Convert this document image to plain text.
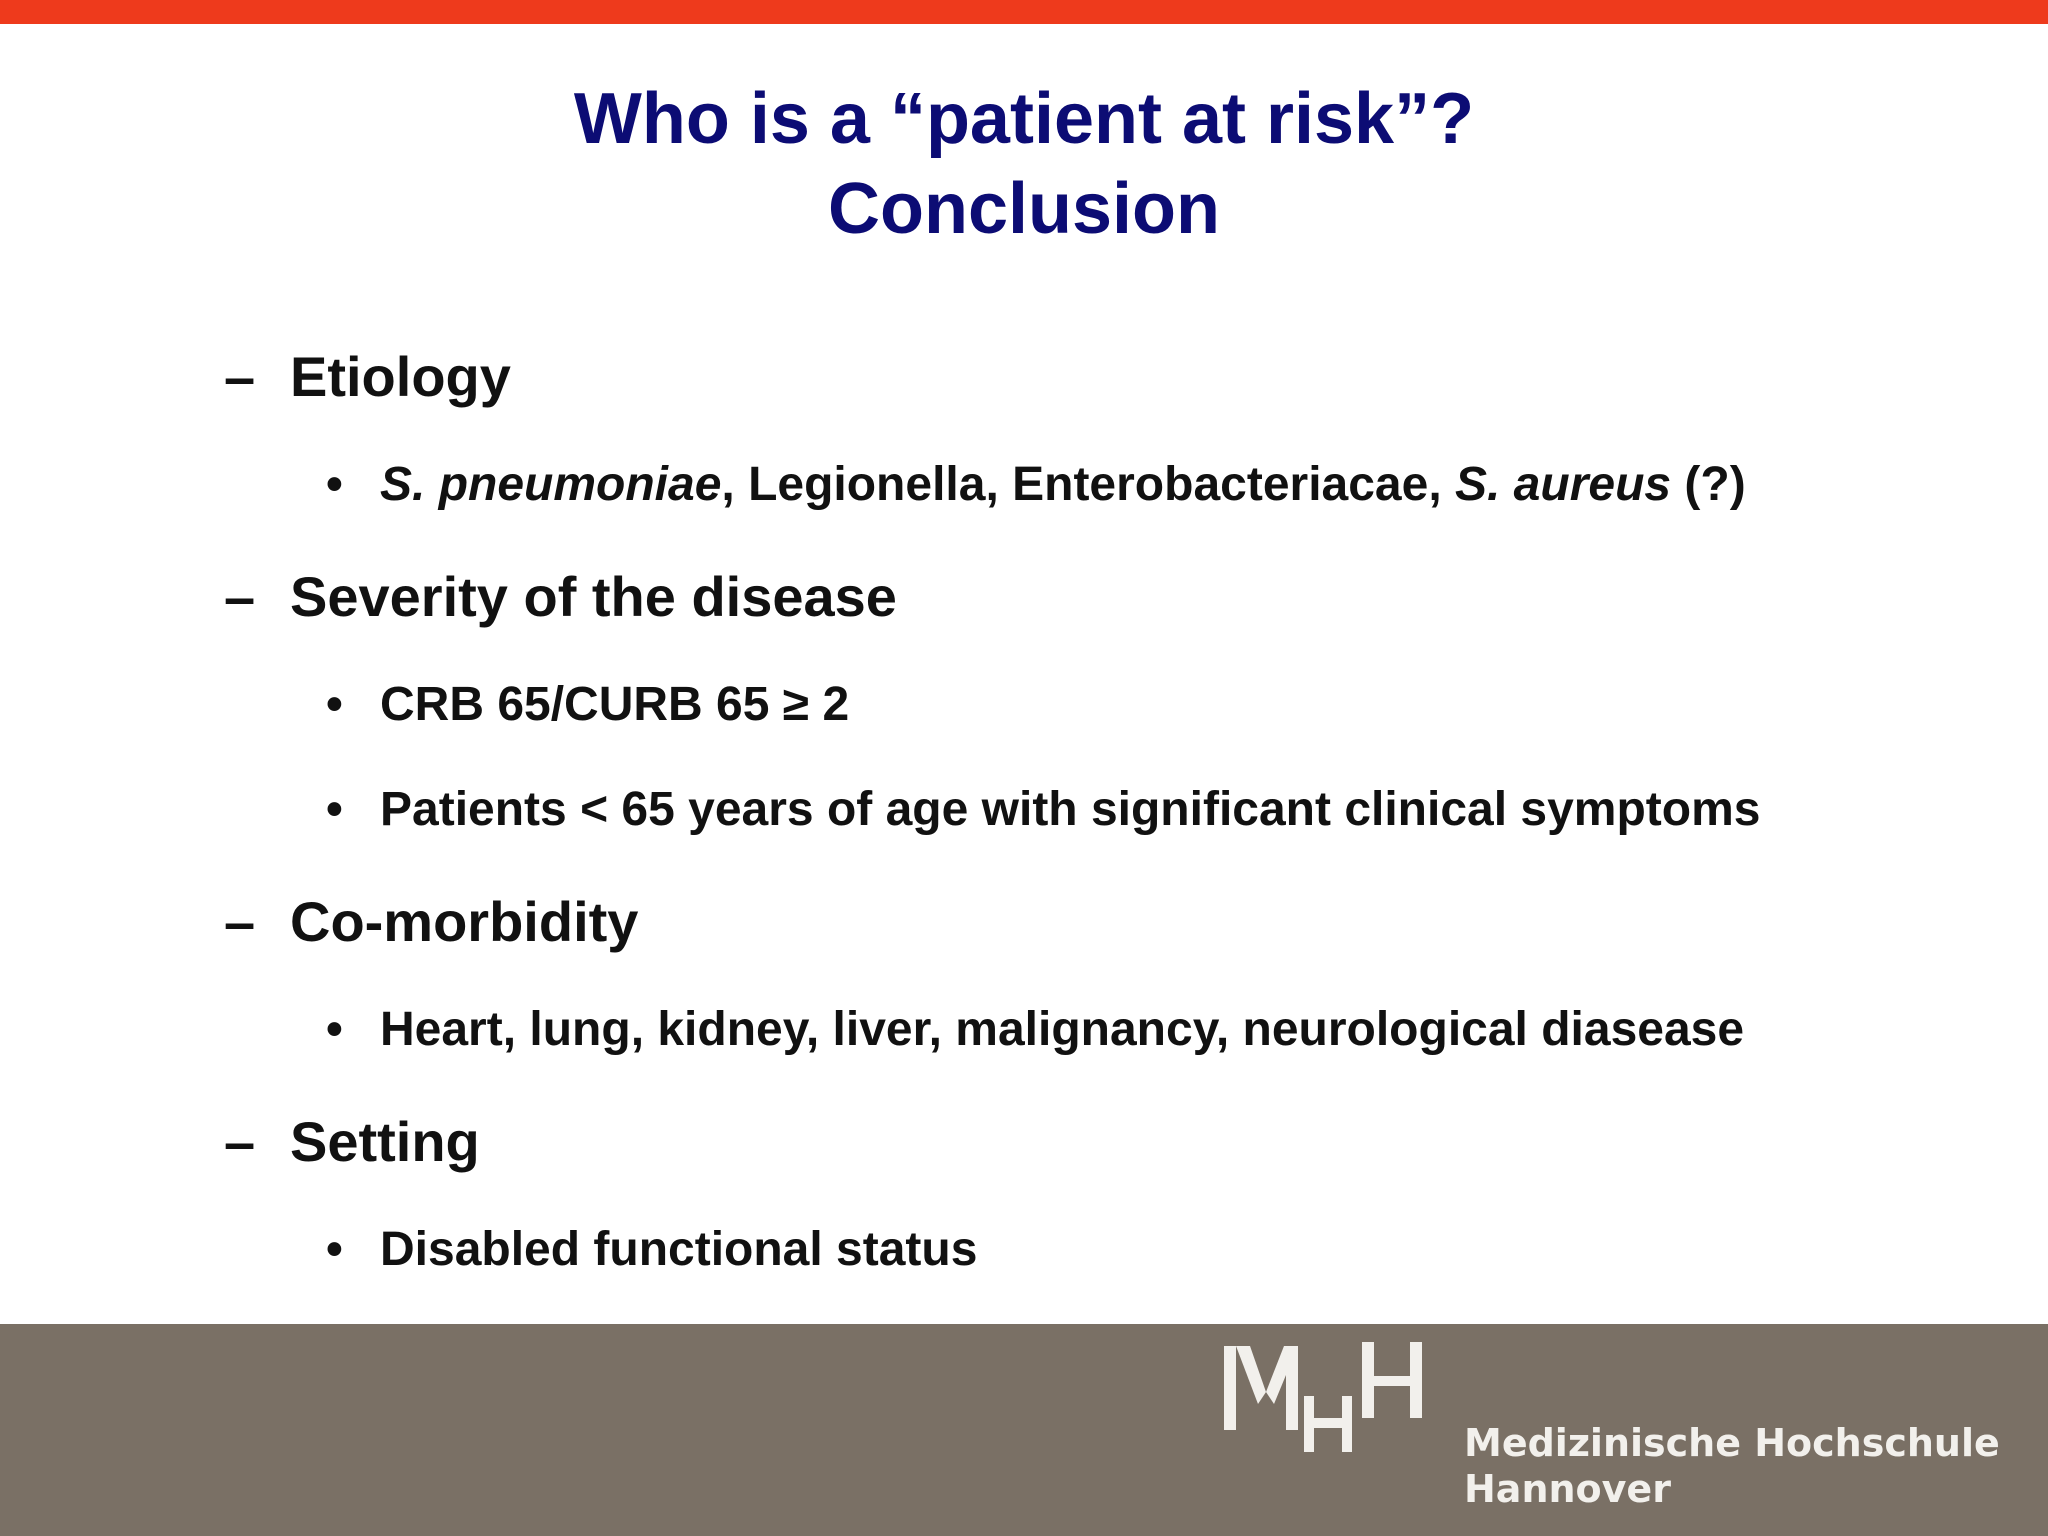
Who is a “patient at risk”?
Conclusion
– Etiology
• S. pneumoniae, Legionella, Enterobacteriacae, S. aureus (?)
– Severity of the disease
• CRB 65/CURB 65 ≥ 2
• Patients < 65 years of age with significant clinical symptoms
– Co-morbidity
• Heart, lung, kidney, liver, malignancy, neurological diasease
– Setting
• Disabled functional status
Medizinische Hochschule
Hannover
